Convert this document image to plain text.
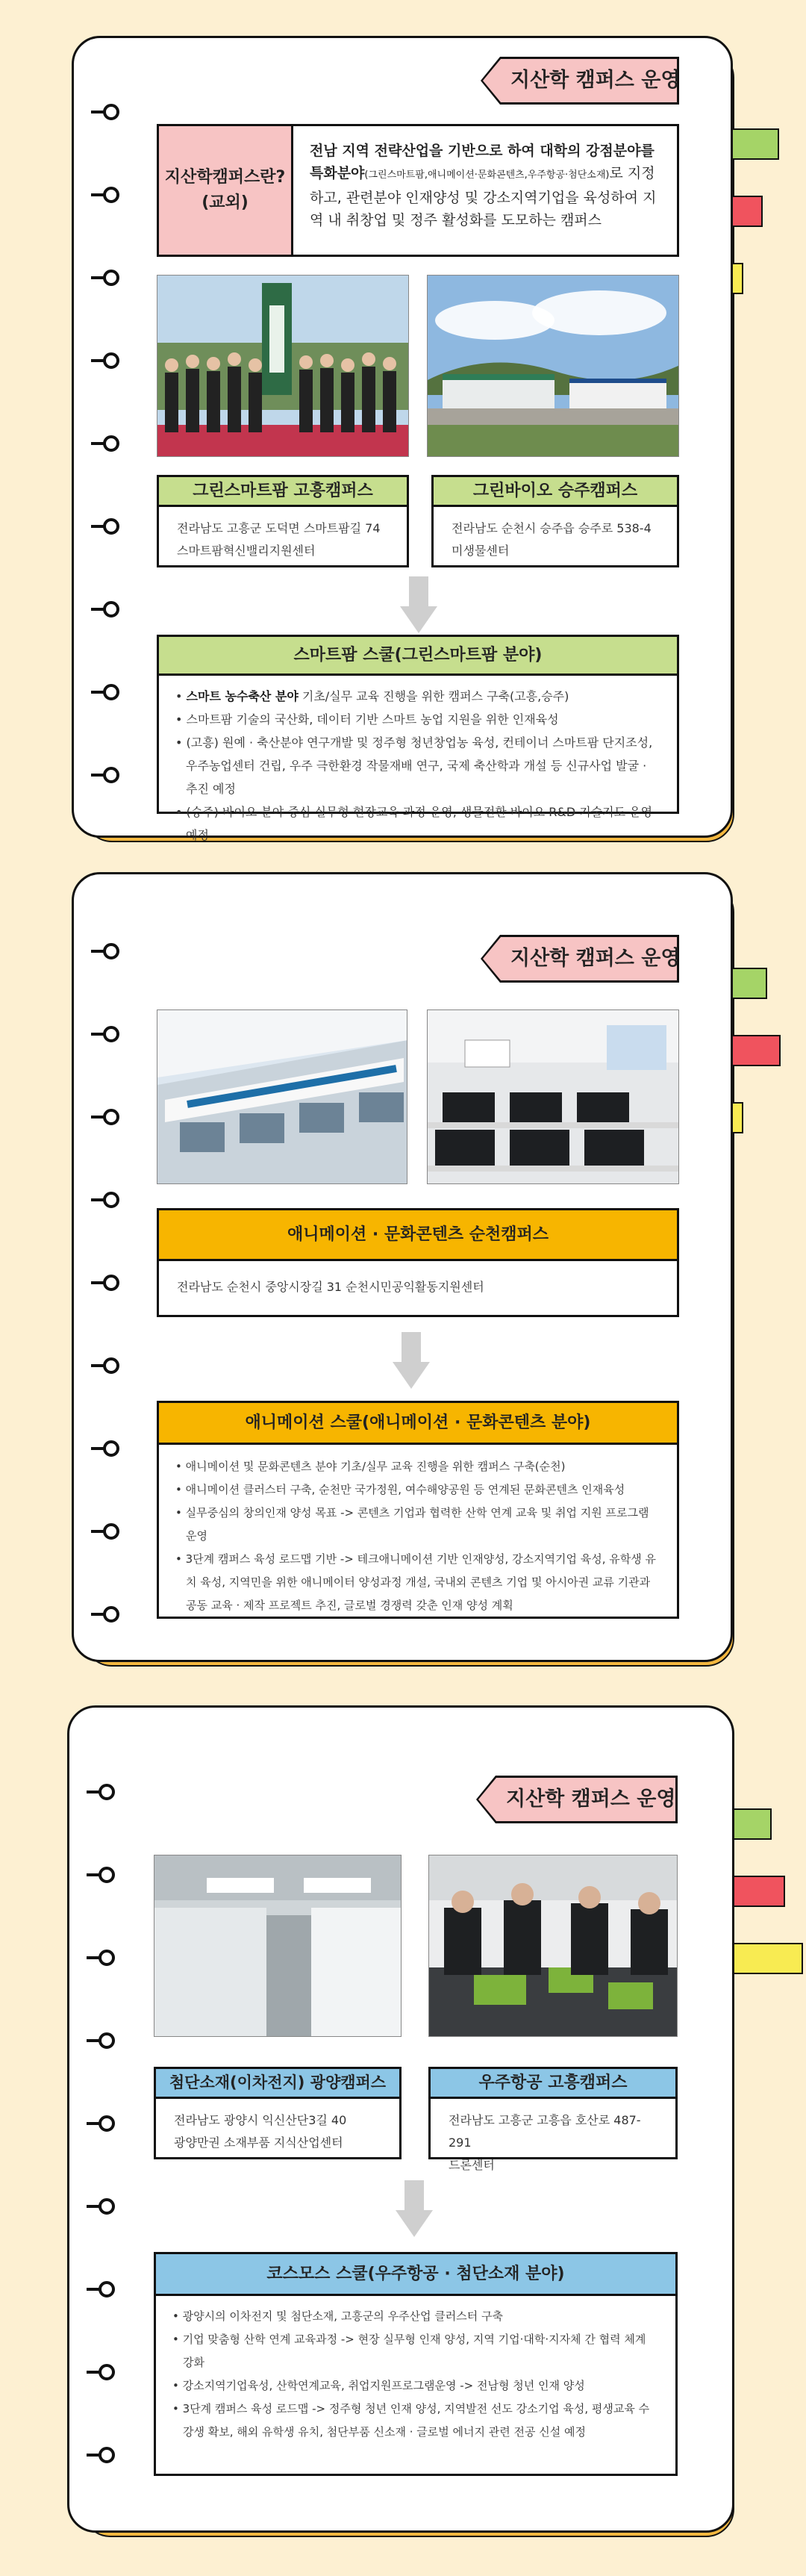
지산학 캠퍼스 운영
지산학캠퍼스란? (교외)
전남 지역 전략산업을 기반으로 하여 대학의 강점분야를 특화분야(그린스마트팜,애니메이션·문화콘텐츠,우주항공·첨단소재)로 지정하고, 관련분야 인재양성 및 강소지역기업을 육성하여 지역 내 취창업 및 정주 활성화를 도모하는 캠퍼스
그린스마트팜 고흥캠퍼스
전라남도 고흥군 도덕면 스마트팜길 74
스마트팜혁신밸리지원센터
그린바이오 승주캠퍼스
전라남도 순천시 승주읍 승주로 538-4
미생물센터
스마트팜 스쿨(그린스마트팜 분야)
• 스마트 농수축산 분야 기초/실무 교육 진행을 위한 캠퍼스 구축(고흥,승주)
• 스마트팜 기술의 국산화, 데이터 기반 스마트 농업 지원을 위한 인재육성
• (고흥) 원예 · 축산분야 연구개발 및 정주형 청년창업농 육성, 컨테이너 스마트팜 단지조성, 우주농업센터 건립, 우주 극한환경 작물재배 연구, 국제 축산학과 개설 등 신규사업 발굴 · 추진 예정
• (승주) 바이오 분야 중심 실무형 현장교육 과정 운영, 생물전환 바이오 R&D 기술지도 운영 예정
지산학 캠퍼스 운영
애니메이션 · 문화콘텐츠 순천캠퍼스
전라남도 순천시 중앙시장길 31 순천시민공익활동지원센터
애니메이션 스쿨(애니메이션 · 문화콘텐츠 분야)
• 애니메이션 및 문화콘텐츠 분야 기초/실무 교육 진행을 위한 캠퍼스 구축(순천)
• 애니메이션 클러스터 구축, 순천만 국가정원, 여수해양공원 등 연계된 문화콘텐츠 인재육성
• 실무중심의 창의인재 양성 목표 -> 콘텐츠 기업과 협력한 산학 연계 교육 및 취업 지원 프로그램 운영
• 3단계 캠퍼스 육성 로드맵 기반 -> 테크애니메이션 기반 인재양성, 강소지역기업 육성, 유학생 유치 육성, 지역민을 위한 애니메이터 양성과정 개설, 국내외 콘텐츠 기업 및 아시아권 교류 기관과 공동 교육 · 제작 프로젝트 추진, 글로벌 경쟁력 갖춘 인재 양성 계획
지산학 캠퍼스 운영
첨단소재(이차전지) 광양캠퍼스
전라남도 광양시 익신산단3길 40
광양만권 소재부품 지식산업센터
우주항공 고흥캠퍼스
전라남도 고흥군 고흥읍 호산로 487-291
드론센터
코스모스 스쿨(우주항공 · 첨단소재 분야)
• 광양시의 이차전지 및 첨단소재, 고흥군의 우주산업 클러스터 구축
• 기업 맞춤형 산학 연계 교육과정 -> 현장 실무형 인재 양성, 지역 기업·대학·지자체 간 협력 체계 강화
• 강소지역기업육성, 산학연계교육, 취업지원프로그램운영 -> 전남형 청년 인재 양성
• 3단계 캠퍼스 육성 로드맵 -> 정주형 청년 인재 양성, 지역발전 선도 강소기업 육성, 평생교육 수강생 확보, 해외 유학생 유치, 첨단부품 신소재 · 글로벌 에너지 관련 전공 신설 예정
